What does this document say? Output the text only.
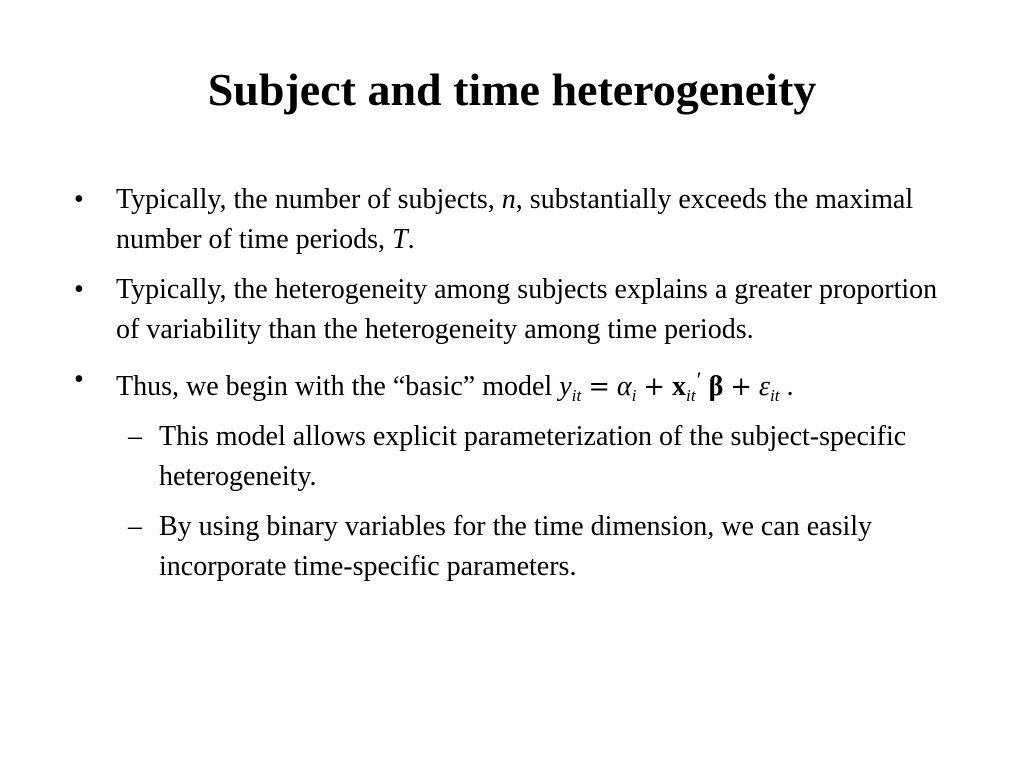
Subject and time heterogeneity
• Typically, the number of subjects, n, substantially exceeds the maximal number of time periods, T.
• Typically, the heterogeneity among subjects explains a greater proportion of variability than the heterogeneity among time periods.
• Thus, we begin with the “basic” model $y_{it} = \alpha_i + x_{it}'$ $\beta + \varepsilon_{it}$ .
– This model allows explicit parameterization of the subject-specific heterogeneity.
– By using binary variables for the time dimension, we can easily incorporate time-specific parameters.
